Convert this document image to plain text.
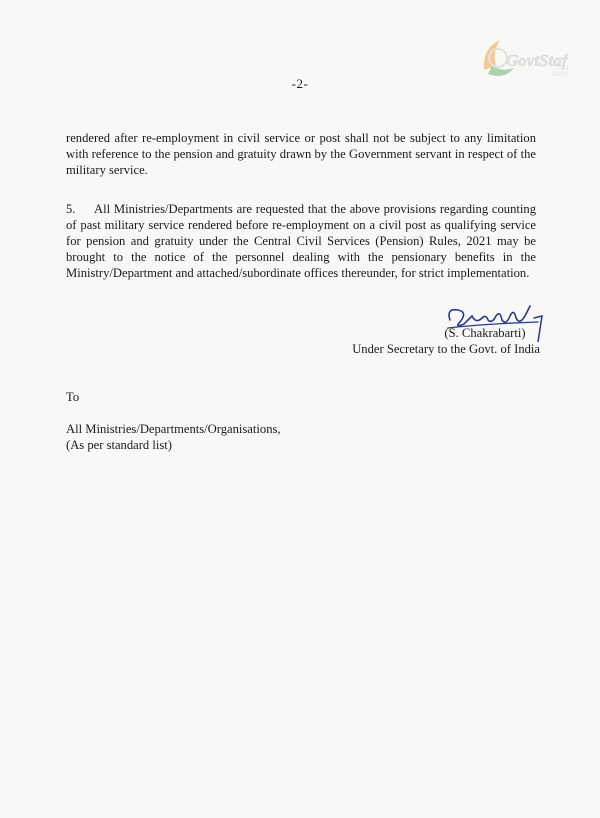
GovtStaff
.com
-2-
rendered after re-employment in civil service or post shall not be subject to any limitation with reference to the pension and gratuity drawn by the Government servant in respect of the military service.
5. All Ministries/Departments are requested that the above provisions regarding counting of past military service rendered before re-employment on a civil post as qualifying service for pension and gratuity under the Central Civil Services (Pension) Rules, 2021 may be brought to the notice of the personnel dealing with the pensionary benefits in the Ministry/Department and attached/subordinate offices thereunder, for strict implementation.
(S. Chakrabarti)
Under Secretary to the Govt. of India
To
All Ministries/Departments/Organisations,
(As per standard list)
